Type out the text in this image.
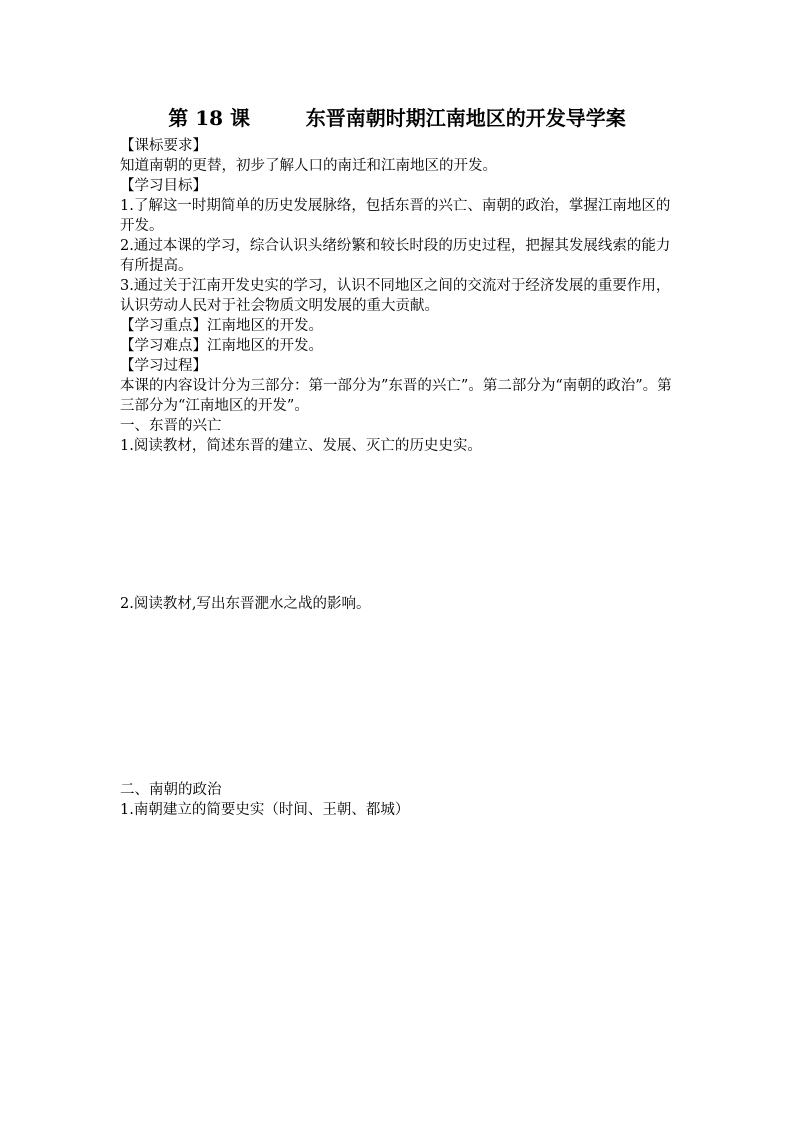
第 18 课        东晋南朝时期江南地区的开发导学案

【课标要求】

知道南朝的更替，初步了解人口的南迁和江南地区的开发。

【学习目标】

1.了解这一时期简单的历史发展脉络，包括东晋的兴亡、南朝的政治，掌握江南地区的开发。

2.通过本课的学习，综合认识头绪纷繁和较长时段的历史过程，把握其发展线索的能力有所提高。

3.通过关于江南开发史实的学习，认识不同地区之间的交流对于经济发展的重要作用，认识劳动人民对于社会物质文明发展的重大贡献。

【学习重点】江南地区的开发。

【学习难点】江南地区的开发。

【学习过程】

本课的内容设计分为三部分：第一部分为”东晋的兴亡”。第二部分为“南朝的政治”。第三部分为“江南地区的开发”。

一、东晋的兴亡

1.阅读教材，简述东晋的建立、发展、灭亡的历史史实。

2.阅读教材,写出东晋淝水之战的影响。

二、南朝的政治

1.南朝建立的简要史实（时间、王朝、都城）
